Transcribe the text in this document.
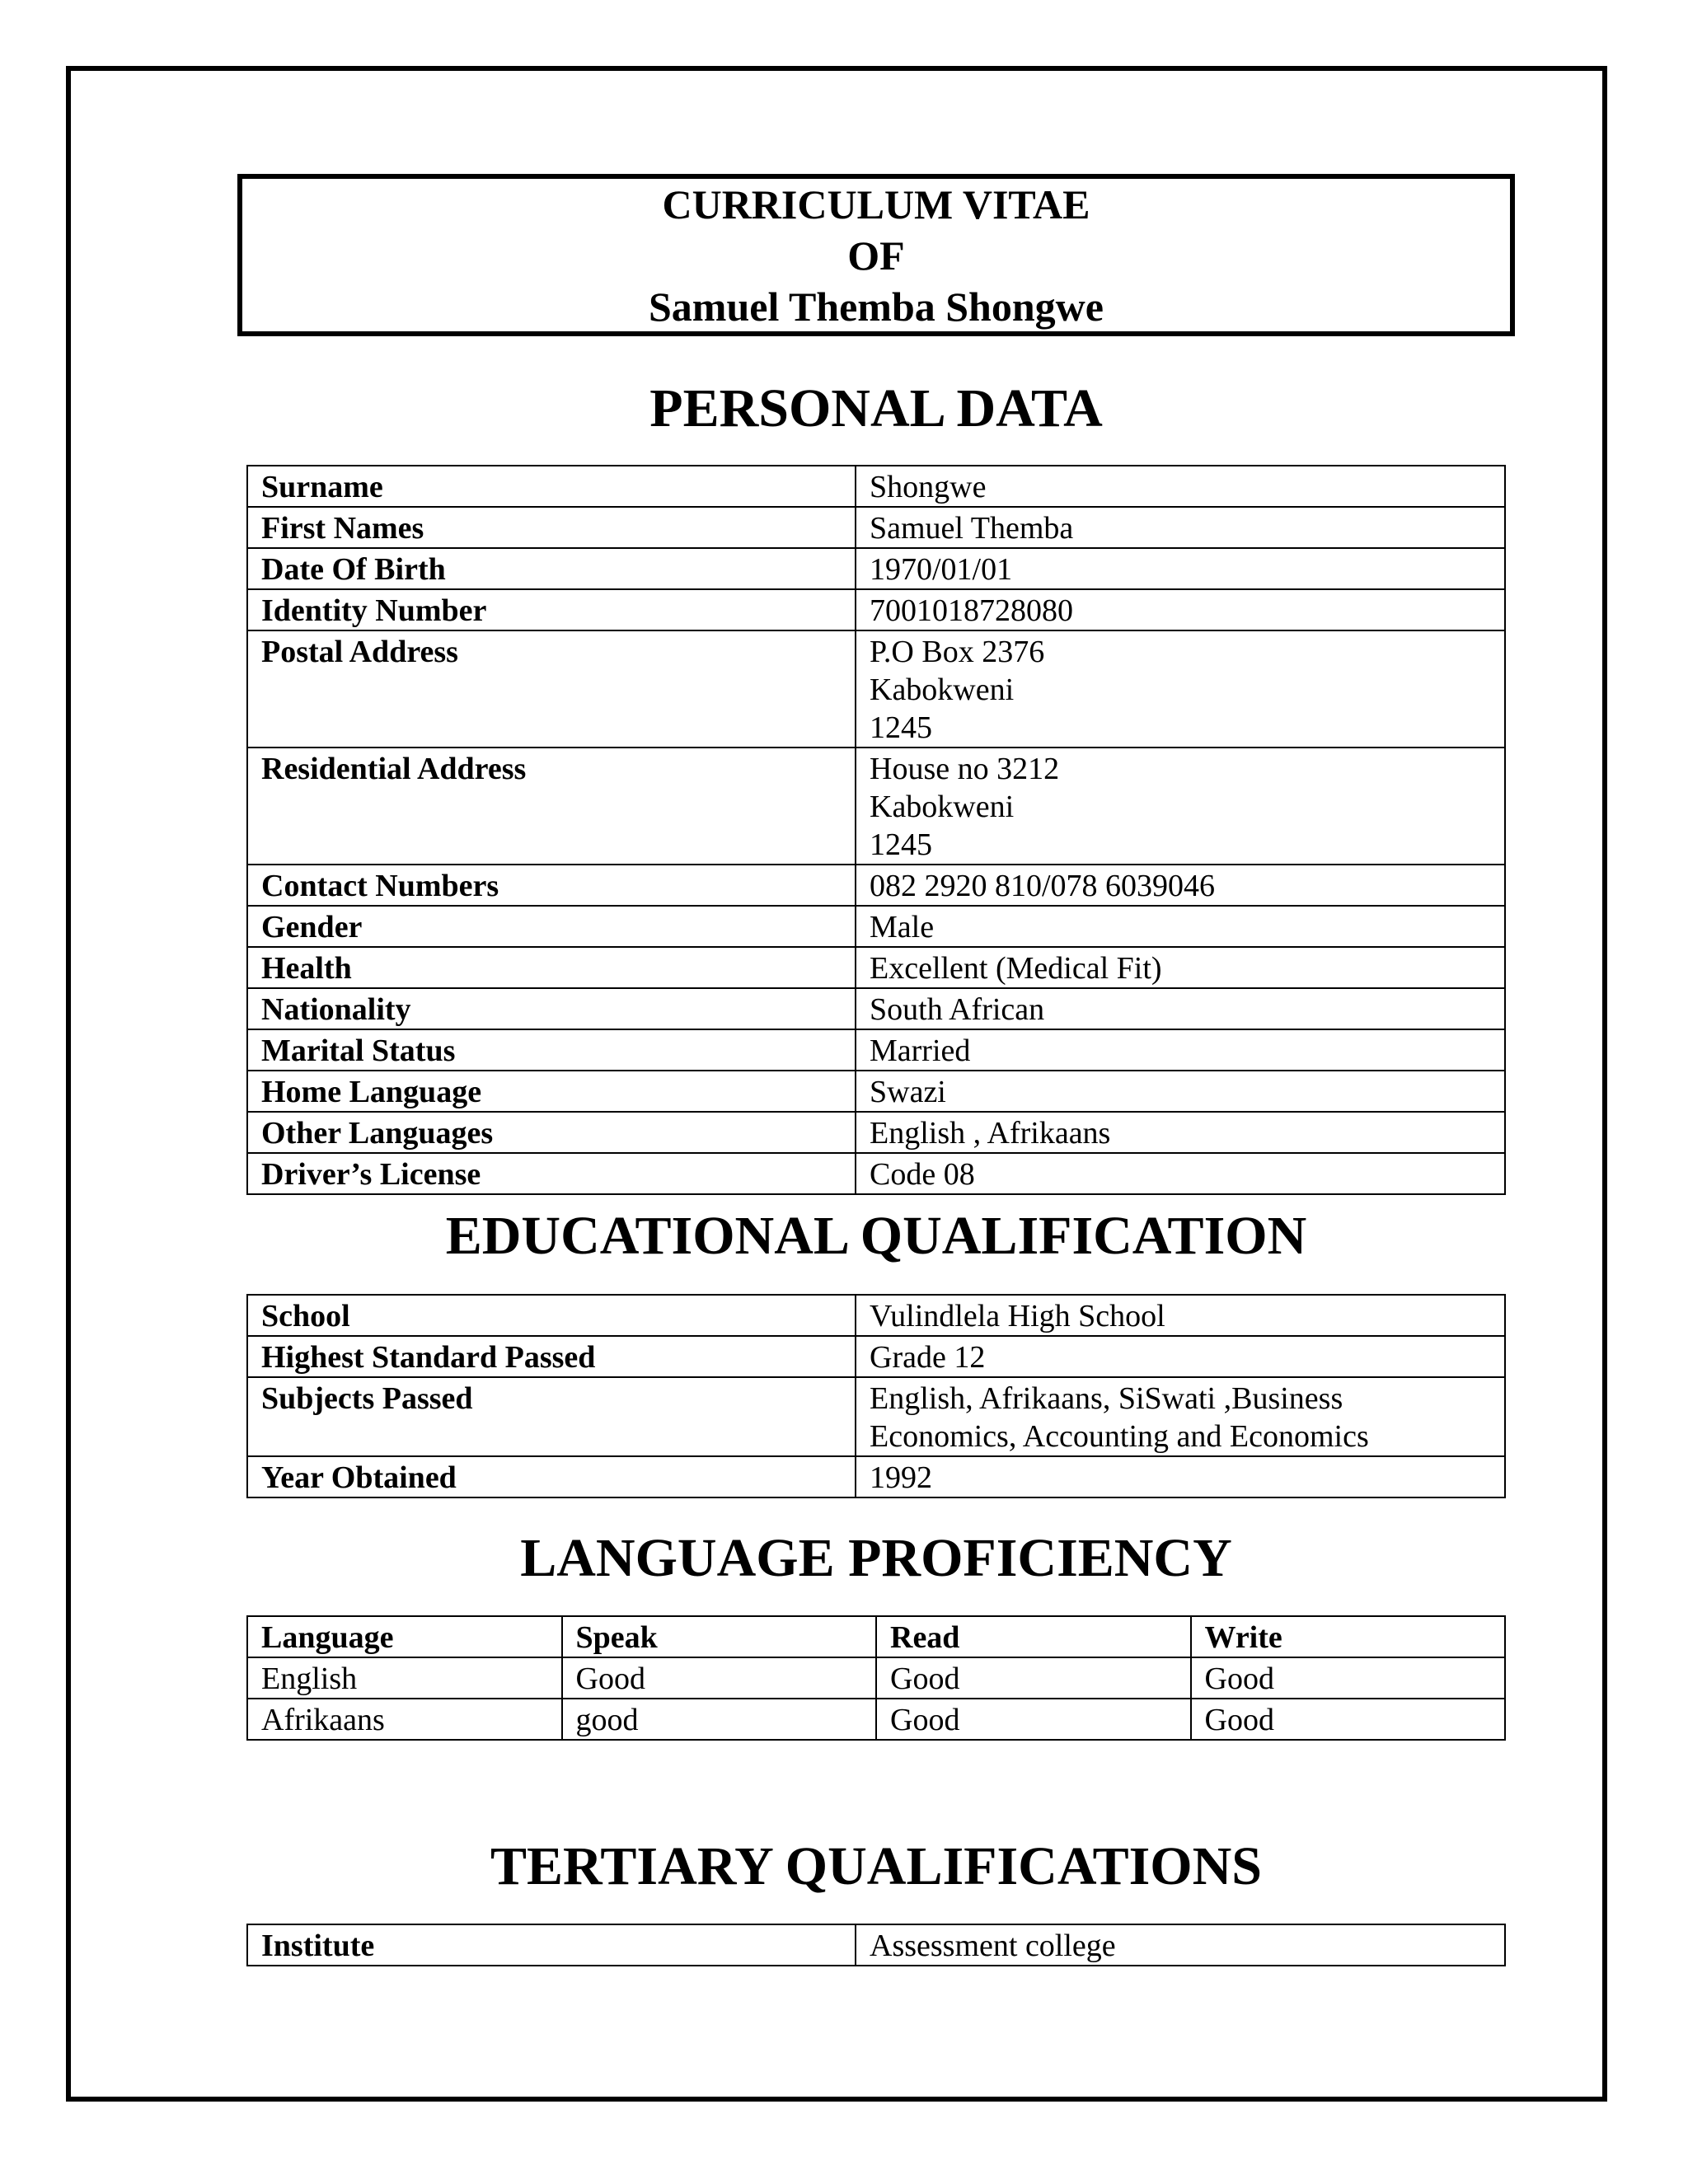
CURRICULUM VITAE
OF
Samuel Themba Shongwe
PERSONAL DATA
Surname	Shongwe

First Names	Samuel Themba

Date Of Birth	1970/01/01

Identity Number	7001018728080

Postal Address	P.O Box 2376
Kabokweni
1245

Residential Address	House no 3212
Kabokweni
1245

Contact Numbers	082 2920 810/078 6039046

Gender	Male

Health	Excellent (Medical Fit)

Nationality	South African

Marital Status	Married

Home Language	Swazi

Other Languages	English , Afrikaans

Driver’s License	Code 08
EDUCATIONAL QUALIFICATION
School	Vulindlela High School

Highest Standard Passed	Grade 12

Subjects Passed	English, Afrikaans, SiSwati ,Business
Economics, Accounting and Economics

Year Obtained	1992
LANGUAGE PROFICIENCY
Language	Speak	Read	Write
English	Good	Good	Good
Afrikaans	good	Good	Good
TERTIARY QUALIFICATIONS
Institute	Assessment college
